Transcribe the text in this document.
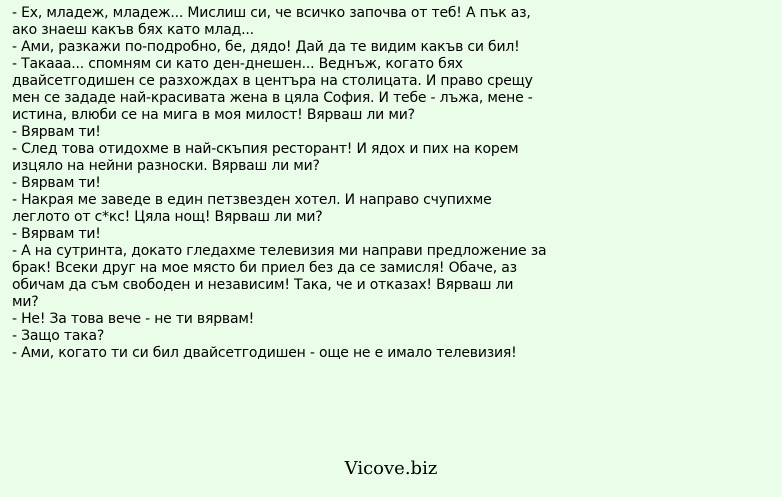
- Ех, младеж, младеж... Мислиш си, че всичко започва от теб! А пък аз,
ако знаеш какъв бях като млад...
- Ами, разкажи по-подробно, бе, дядо! Дай да те видим какъв си бил!
- Такааа... спомням си като ден-днешен... Веднъж, когато бях
двайсетгодишен се разхождах в центъра на столицата. И право срещу
мен се зададе най-красивата жена в цяла София. И тебе - лъжа, мене -
истина, влюби се на мига в моя милост! Вярваш ли ми?
- Вярвам ти!
- След това отидохме в най-скъпия ресторант! И ядох и пих на корем
изцяло на нейни разноски. Вярваш ли ми?
- Вярвам ти!
- Накрая ме заведе в един петзвезден хотел. И направо счупихме
леглото от с*кс! Цяла нощ! Вярваш ли ми?
- Вярвам ти!
- А на сутринта, докато гледахме телевизия ми направи предложение за
брак! Всеки друг на мое място би приел без да се замисля! Обаче, аз
обичам да съм свободен и независим! Така, че и отказах! Вярваш ли
ми?
- Не! За това вече - не ти вярвам!
- Защо така?
- Ами, когато ти си бил двайсетгодишен - още не е имало телевизия!
Vicove.biz
